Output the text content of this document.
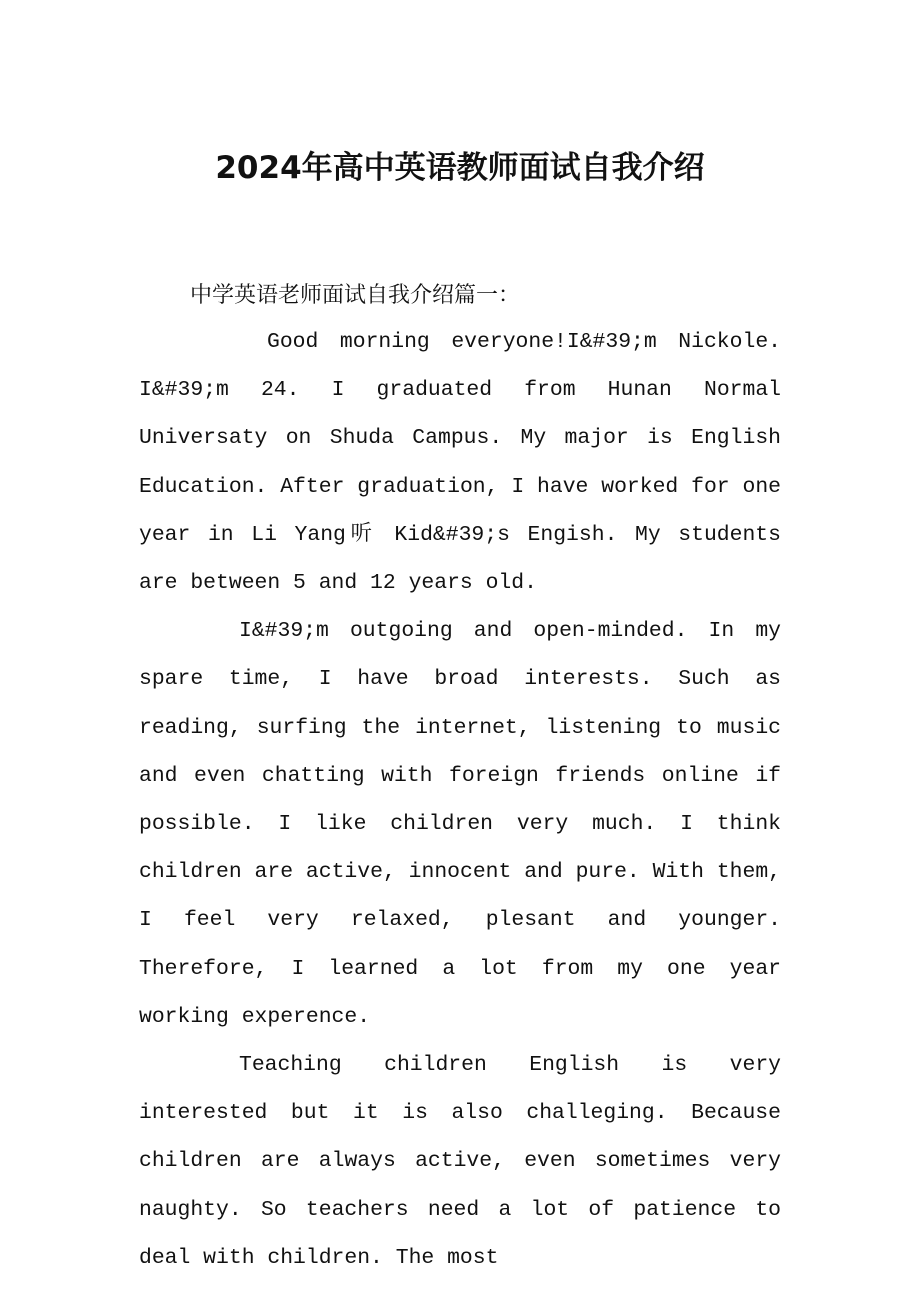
2024年高中英语教师面试自我介绍

中学英语老师面试自我介绍篇一：

Good morning everyone!I&#39;m Nickole. I&#39;m 24. I graduated from Hunan Normal Universaty on Shuda Campus. My major is English Education. After graduation, I have worked for one year in Li Yang听 Kid&#39;s Engish. My students are between 5 and 12 years old.

I&#39;m outgoing and open-minded. In my spare time, I have broad interests. Such as reading, surfing the internet, listening to music and even chatting with foreign friends online if possible. I like children very much. I think children are active, innocent and pure. With them, I feel very relaxed, plesant and younger. Therefore, I learned a lot from my one year working experence.

Teaching children English is very interested but it is also challeging. Because children are always active, even sometimes very naughty. So teachers need a lot of patience to deal with children. The most
